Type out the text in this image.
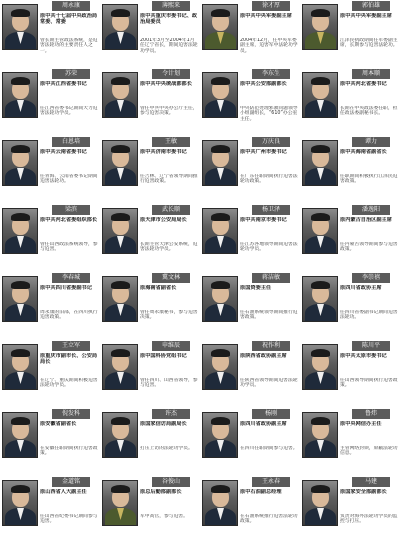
周永康
原中共十七届中央政治局常委、常委
曾长期主管政法系统，是迫害法轮功的主要责任人之一。
薄熙来
原中共重庆市委书记、政治局委员
2001年3月至2004年1月任辽宁省长，期间迫害法轮功学员。
徐才厚
原中共中央军委副主席
2004年12月，任中央军委副主席，迫害军中法轮功学员。
郭伯雄
原中共中央军委副主席
江泽民执政期间任军委副主席，长期参与迫害法轮功。
苏荣
原中共江西省委书记
任江西省委书记期间大力迫害法轮功学员。
令计划
原中共中央统战部部长
曾任中共中央办公厅主任，参与迫害决策。
李东生
原中共公安部副部长
中央防范处理邪教问题领导小组副组长，“610”办公室主任。
周本顺
原中共河北省委书记
长期在中央政法委任职，担任政法委副秘书长。
白恩培
原中共云南省委书记
任青海、云南省委书记期间迫害法轮功。
王敏
原中共济南市委书记
任吉林、辽宁省领导期间推行迫害政策。
万庆良
原中共广州市委书记
在广东任职期间执行迫害法轮功政策。
谭力
原中共海南省副省长
任职期间积极执行江泽民迫害政策。
梁滨
原中共河北省委组织部长
曾任山西政法系统领导，参与迫害。
武长顺
原天津市公安局局长
长期主管天津公安系统，迫害法轮功学员。
杨卫泽
原中共南京市委书记
任江苏各地领导期间迫害法轮功学员。
潘逸阳
原内蒙古自治区副主席
任内蒙古领导期间参与迫害政策。
李春城
原中共四川省委副书记
周永康的旧部，在四川执行迫害政策。
冀文林
原海南省副省长
曾任周永康秘书，参与迫害决策。
蒋洁敏
原国资委主任
任石油系统领导期间推行迫害政策。
李崇禧
原四川省政协主席
任四川省委副书记期间迫害法轮功。
王立军
原重庆市副市长、公安局局长
在辽宁、重庆期间积极迫害法轮功学员。
申维辰
原中国科协党组书记
曾任四川、山西省领导，参与迫害。
祝作利
原陕西省政协副主席
任陕西省领导期间迫害法轮功学员。
陈川平
原中共太原市委书记
任山西领导期间执行迫害政策。
倪发科
原安徽省副省长
在安徽任职期间执行迫害政策。
许杰
原国家信访局副局长
打压上访的法轮功学员。
杨刚
原四川省政协副主席
在四川任职期间参与迫害。
鲁炜
原中央网信办主任
主管网络封锁，屏蔽法轮功信息。
金道铭
原山西省人大副主任
任山西省纪委书记期间参与迫害。
谷俊山
原总后勤部副部长
军中高官，参与迫害。
王永春
原中石油副总经理
在石油系统推行迫害法轮功政策。
马建
原国家安全部副部长
负责对海外法轮功学员的监控与打压。
